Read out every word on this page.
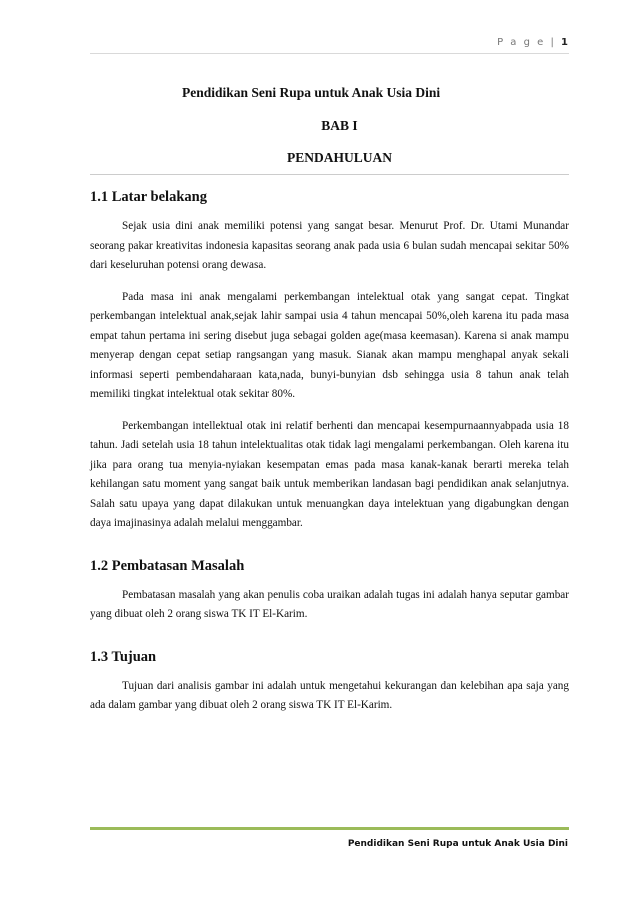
P a g e | 1
Pendidikan Seni Rupa untuk Anak Usia Dini
BAB I
PENDAHULUAN
1.1 Latar belakang

Sejak usia dini anak memiliki potensi yang sangat besar. Menurut Prof. Dr. Utami Munandar seorang pakar kreativitas indonesia kapasitas seorang anak pada usia 6 bulan sudah mencapai sekitar 50% dari keseluruhan potensi orang dewasa.

Pada masa ini anak mengalami perkembangan intelektual otak yang sangat cepat. Tingkat perkembangan intelektual anak,sejak lahir sampai usia 4 tahun mencapai 50%,oleh karena itu pada masa empat tahun pertama ini sering disebut juga sebagai golden age(masa keemasan). Karena si anak mampu menyerap dengan cepat setiap rangsangan yang masuk. Sianak akan mampu menghapal anyak sekali informasi seperti pembendaharaan kata,nada, bunyi-bunyian dsb sehingga usia 8 tahun anak telah memiliki tingkat intelektual otak sekitar 80%.

Perkembangan intellektual otak ini relatif berhenti dan mencapai kesempurnaannyabpada usia 18 tahun. Jadi setelah usia 18 tahun intelektualitas otak tidak lagi mengalami perkembangan. Oleh karena itu jika para orang tua menyia-nyiakan kesempatan emas pada masa kanak-kanak berarti mereka telah kehilangan satu moment yang sangat baik untuk memberikan landasan bagi pendidikan anak selanjutnya. Salah satu upaya yang dapat dilakukan untuk menuangkan daya intelektuan yang digabungkan dengan daya imajinasinya adalah melalui menggambar.

1.2 Pembatasan Masalah

Pembatasan masalah yang akan penulis coba uraikan adalah tugas ini adalah hanya seputar gambar yang dibuat oleh 2 orang siswa TK IT El-Karim.

1.3 Tujuan

Tujuan dari analisis gambar ini adalah untuk mengetahui kekurangan dan kelebihan apa saja yang ada dalam gambar yang dibuat oleh 2 orang siswa TK IT El-Karim.

Pendidikan Seni Rupa untuk Anak Usia Dini
